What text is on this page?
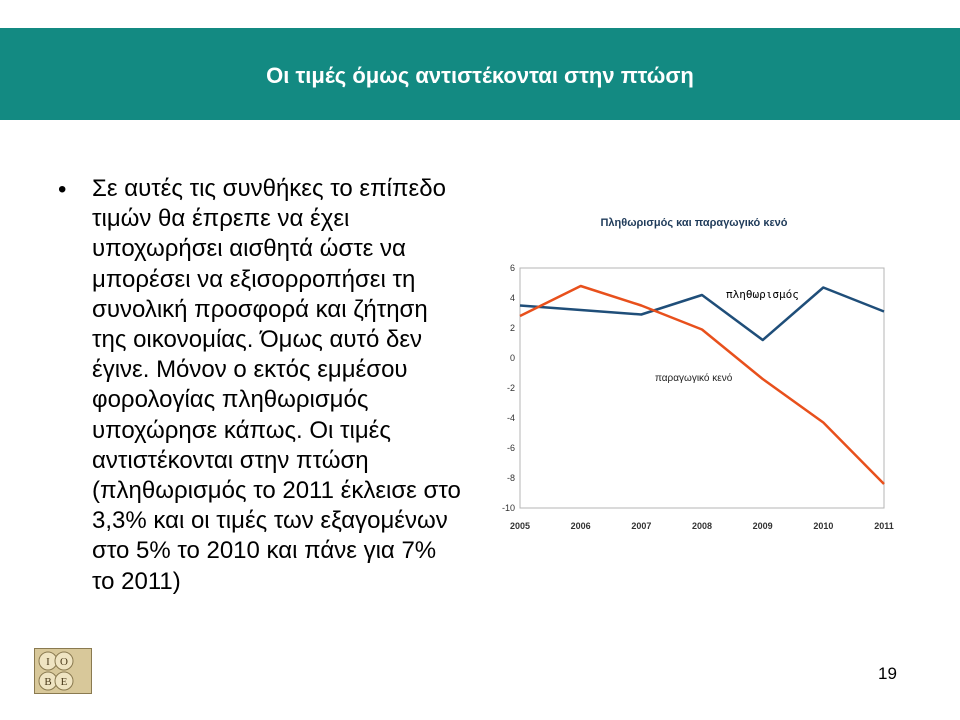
Οι τιμές όμως αντιστέκονται στην πτώση
• Σε αυτές τις συνθήκες το επίπεδο τιμών θα έπρεπε να έχει υποχωρήσει αισθητά ώστε να μπορέσει να εξισορροπήσει τη συνολική προσφορά και ζήτηση της οικονομίας. Όμως αυτό δεν έγινε. Μόνον ο εκτός εμμέσου φορολογίας πληθωρισμός υποχώρησε κάπως. Οι τιμές αντιστέκονται στην πτώση (πληθωρισμός το 2011 έκλεισε στο 3,3% και οι τιμές των εξαγομένων στο 5% το 2010 και πάνε για 7% το 2011)
Πληθωρισμός και παραγωγικό κενό
6
4
2
0
-2
-4
-6
-8
-10
2005	2006	2007	2008	2009	2010	2011
πληθωρισμός
παραγωγικό κενό
Ι Ο
Β Ε	19
